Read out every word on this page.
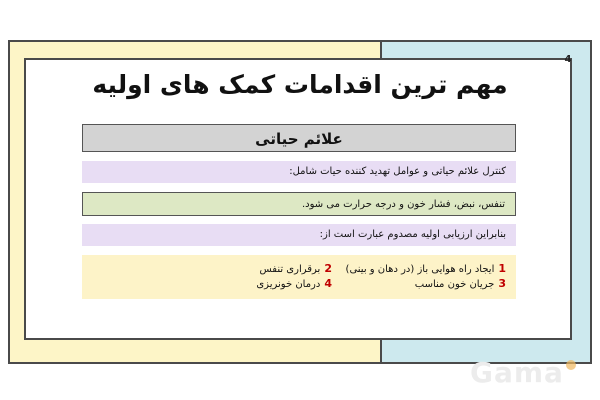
4
مهم ترین اقدامات کمک های اولیه
علائم حیاتی
کنترل علائم حیاتی و عوامل تهدید کننده حیات شامل:
تنفس، نبض، فشار خون و درجه حرارت می شود.
بنابراین ارزیابی اولیه مصدوم عبارت است از:
1ایجاد راه هوایی باز (در دهان و بینی)
3جریان خون مناسب
2برقراری تنفس
4درمان خونریزی
Gama
